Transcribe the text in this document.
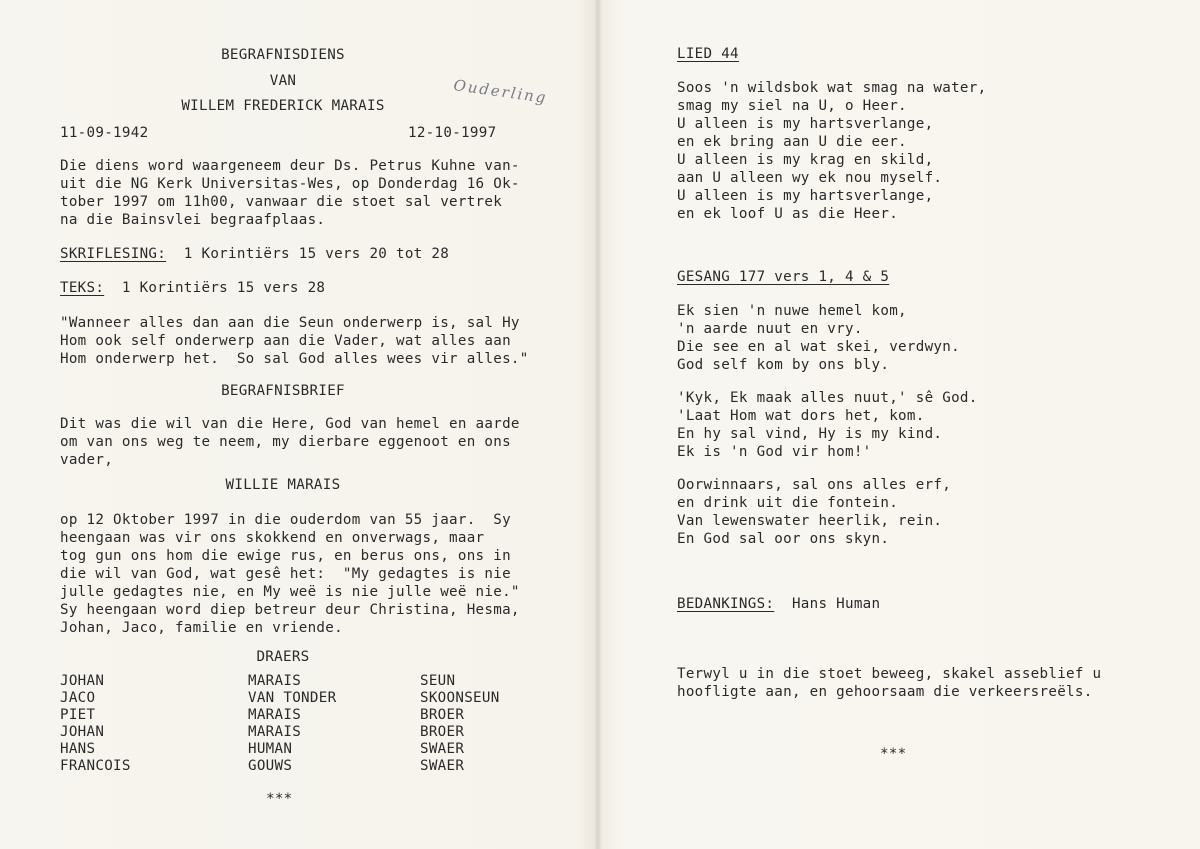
BEGRAFNISDIENS
VAN
WILLEM FREDERICK MARAIS	Ouderling
11-09-1942	12-10-1997
Die diens word waargeneem deur Ds. Petrus Kuhne van-
uit die NG Kerk Universitas-Wes, op Donderdag 16 Ok-
tober 1997 om 11h00, vanwaar die stoet sal vertrek
na die Bainsvlei begraafplaas.
SKRIFLESING: 1 Korintiërs 15 vers 20 tot 28
TEKS: 1 Korintiërs 15 vers 28
"Wanneer alles dan aan die Seun onderwerp is, sal Hy
Hom ook self onderwerp aan die Vader, wat alles aan
Hom onderwerp het.  So sal God alles wees vir alles."
BEGRAFNISBRIEF
Dit was die wil van die Here, God van hemel en aarde
om van ons weg te neem, my dierbare eggenoot en ons
vader,
WILLIE MARAIS
op 12 Oktober 1997 in die ouderdom van 55 jaar.  Sy
heengaan was vir ons skokkend en onverwags, maar
tog gun ons hom die ewige rus, en berus ons, ons in
die wil van God, wat gesê het:  "My gedagtes is nie
julle gedagtes nie, en My weë is nie julle weë nie."
Sy heengaan word diep betreur deur Christina, Hesma,
Johan, Jaco, familie en vriende.
DRAERS
JOHAN	MARAIS	SEUN
JACO	VAN TONDER	SKOONSEUN
PIET	MARAIS	BROER
JOHAN	MARAIS	BROER
HANS	HUMAN	SWAER
FRANCOIS	GOUWS	SWAER
***
LIED 44
Soos 'n wildsbok wat smag na water,
smag my siel na U, o Heer.
U alleen is my hartsverlange,
en ek bring aan U die eer.
U alleen is my krag en skild,
aan U alleen wy ek nou myself.
U alleen is my hartsverlange,
en ek loof U as die Heer.
GESANG 177 vers 1, 4 & 5
Ek sien 'n nuwe hemel kom,
'n aarde nuut en vry.
Die see en al wat skei, verdwyn.
God self kom by ons bly.
'Kyk, Ek maak alles nuut,' sê God.
'Laat Hom wat dors het, kom.
En hy sal vind, Hy is my kind.
Ek is 'n God vir hom!'
Oorwinnaars, sal ons alles erf,
en drink uit die fontein.
Van lewenswater heerlik, rein.
En God sal oor ons skyn.
BEDANKINGS: Hans Human
Terwyl u in die stoet beweeg, skakel asseblief u
hoofligte aan, en gehoorsaam die verkeersreëls.
***
